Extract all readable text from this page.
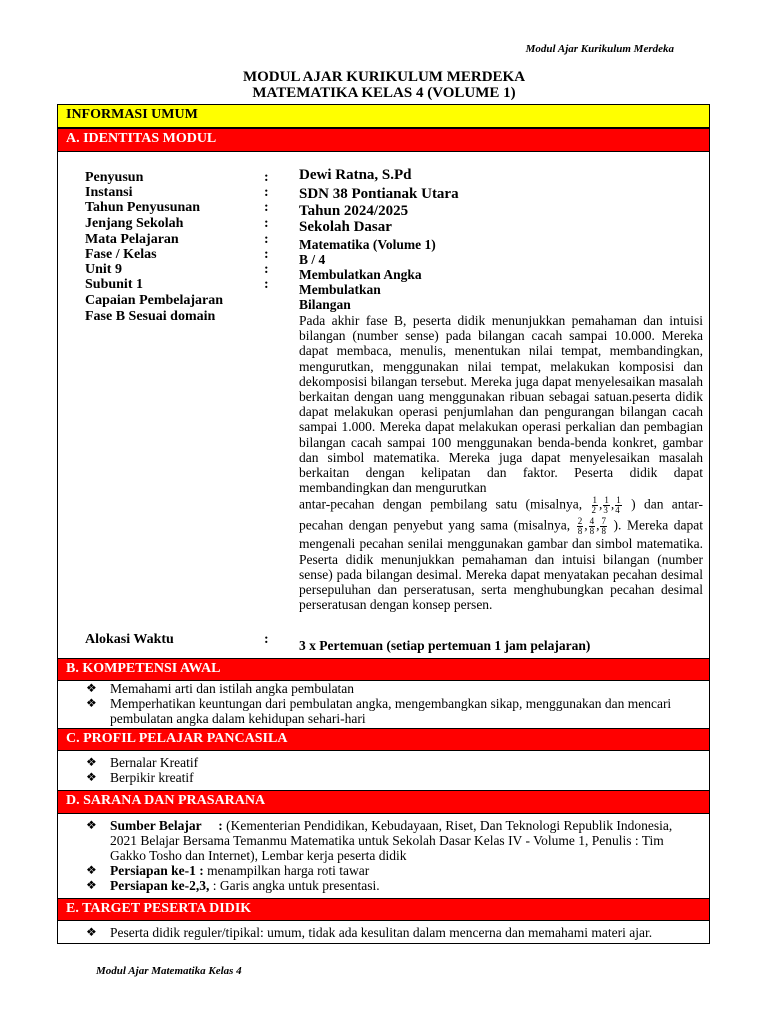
Modul Ajar Kurikulum Merdeka
MODUL AJAR KURIKULUM MERDEKA
MATEMATIKA KELAS 4 (VOLUME 1)
INFORMASI UMUM
A. IDENTITAS MODUL
Penyusun
Instansi
Tahun Penyusunan
Jenjang Sekolah
Mata Pelajaran
Fase / Kelas
Unit 9
Subunit 1
Capaian Pembelajaran
Fase B Sesuai domain
Alokasi Waktu
:
:
:
:
:
:
:
:
:
Dewi Ratna, S.Pd
SDN 38 Pontianak Utara
Tahun 2024/2025
Sekolah Dasar
Matematika (Volume 1)
B / 4
Membulatkan Angka
Membulatkan
Bilangan
Pada akhir fase B, peserta didik menunjukkan pemahaman dan intuisi bilangan (number sense) pada bilangan cacah sampai 10.000. Mereka dapat membaca, menulis, menentukan nilai tempat, membandingkan, mengurutkan, menggunakan nilai tempat, melakukan komposisi dan dekomposisi bilangan tersebut. Mereka juga dapat menyelesaikan masalah berkaitan dengan uang menggunakan ribuan sebagai satuan.peserta didik dapat melakukan operasi penjumlahan dan pengurangan bilangan cacah sampai 1.000. Mereka dapat melakukan operasi perkalian dan pembagian bilangan cacah sampai 100 menggunakan benda-benda konkret, gambar dan simbol matematika. Mereka juga dapat menyelesaikan masalah berkaitan dengan kelipatan dan faktor. Peserta didik dapat membandingkan dan mengurutkan
antar-pecahan dengan pembilang satu (misalnya, $\frac{1}{2}$ , $\frac{1}{3}$ , $\frac{1}{4}$ ) dan antar-
pecahan dengan penyebut yang sama (misalnya, $\frac{2}{8}$ , $\frac{4}{8}$ , $\frac{7}{8}$ ). Mereka dapat mengenali pecahan senilai menggunakan gambar dan simbol matematika. Peserta didik menunjukkan pemahaman dan intuisi bilangan (number sense) pada bilangan desimal. Mereka dapat menyatakan pecahan desimal persepuluhan dan perseratusan, serta menghubungkan pecahan desimal perseratusan dengan konsep persen.
3 x Pertemuan (setiap pertemuan 1 jam pelajaran)
B. KOMPETENSI AWAL
❖ Memahami arti dan istilah angka pembulatan
❖ Memperhatikan keuntungan dari pembulatan angka, mengembangkan sikap, menggunakan dan mencari pembulatan angka dalam kehidupan sehari-hari
C. PROFIL PELAJAR PANCASILA
❖ Bernalar Kreatif
❖ Berpikir kreatif
D. SARANA DAN PRASARANA
❖ Sumber Belajar     : (Kementerian Pendidikan, Kebudayaan, Riset, Dan Teknologi Republik Indonesia, 2021 Belajar Bersama Temanmu Matematika untuk Sekolah Dasar Kelas IV - Volume 1, Penulis : Tim Gakko Tosho dan Internet), Lembar kerja peserta didik
❖ Persiapan ke-1 : menampilkan harga roti tawar
❖ Persiapan ke-2,3, : Garis angka untuk presentasi.
E. TARGET PESERTA DIDIK
❖ Peserta didik reguler/tipikal: umum, tidak ada kesulitan dalam mencerna dan memahami materi ajar.
Modul Ajar Matematika Kelas 4
